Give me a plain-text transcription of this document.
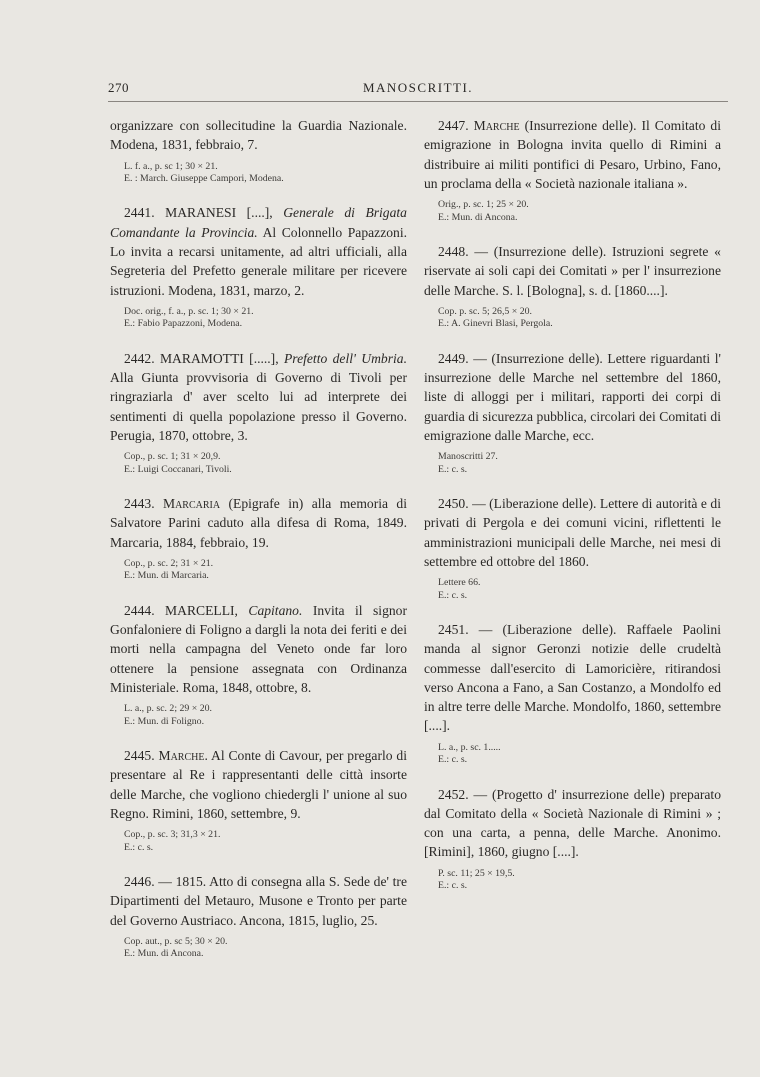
270	MANOSCRITTI.

organizzare con sollecitudine la Guardia Nazionale. Modena, 1831, febbraio, 7.

L. f. a., p. sc 1; 30 × 21.
E. : March. Giuseppe Campori, Modena.

2441. MARANESI [....], Generale di Brigata Comandante la Provincia. Al Colonnello Papazzoni. Lo invita a recarsi unitamente, ad altri ufficiali, alla Segreteria del Prefetto generale militare per ricevere istruzioni. Modena, 1831, marzo, 2.

Doc. orig., f. a., p. sc. 1; 30 × 21.
E.: Fabio Papazzoni, Modena.

2442. MARAMOTTI [.....], Prefetto dell' Umbria. Alla Giunta provvisoria di Governo di Tivoli per ringraziarla d' aver scelto lui ad interprete dei sentimenti di quella popolazione presso il Governo. Perugia, 1870, ottobre, 3.

Cop., p. sc. 1; 31 × 20,9.
E.: Luigi Coccanari, Tivoli.

2443. Marcaria (Epigrafe in) alla memoria di Salvatore Parini caduto alla difesa di Roma, 1849. Marcaria, 1884, febbraio, 19.

Cop., p. sc. 2; 31 × 21.
E.: Mun. di Marcaria.

2444. MARCELLI, Capitano. Invita il signor Gonfaloniere di Foligno a dargli la nota dei feriti e dei morti nella campagna del Veneto onde far loro ottenere la pensione assegnata con Ordinanza Ministeriale. Roma, 1848, ottobre, 8.

L. a., p. sc. 2; 29 × 20.
E.: Mun. di Foligno.

2445. Marche. Al Conte di Cavour, per pregarlo di presentare al Re i rappresentanti delle città insorte delle Marche, che vogliono chiedergli l' unione al suo Regno. Rimini, 1860, settembre, 9.

Cop., p. sc. 3; 31,3 × 21.
E.: c. s.

2446. — 1815. Atto di consegna alla S. Sede de' tre Dipartimenti del Metauro, Musone e Tronto per parte del Governo Austriaco. Ancona, 1815, luglio, 25.

Cop. aut., p. sc 5; 30 × 20.
E.: Mun. di Ancona.

2447. Marche (Insurrezione delle). Il Comitato di emigrazione in Bologna invita quello di Rimini a distribuire ai militi pontifici di Pesaro, Urbino, Fano, un proclama della « Società nazionale italiana ».

Orig., p. sc. 1; 25 × 20.
E.: Mun. di Ancona.

2448. — (Insurrezione delle). Istruzioni segrete « riservate ai soli capi dei Comitati » per l' insurrezione delle Marche. S. l. [Bologna], s. d. [1860....].

Cop. p. sc. 5; 26,5 × 20.
E.: A. Ginevri Blasi, Pergola.

2449. — (Insurrezione delle). Lettere riguardanti l' insurrezione delle Marche nel settembre del 1860, liste di alloggi per i militari, rapporti dei corpi di guardia di sicurezza pubblica, circolari dei Comitati di emigrazione dalle Marche, ecc.

Manoscritti 27.
E.: c. s.

2450. — (Liberazione delle). Lettere di autorità e di privati di Pergola e dei comuni vicini, riflettenti le amministrazioni municipali delle Marche, nei mesi di settembre ed ottobre del 1860.

Lettere 66.
E.: c. s.

2451. — (Liberazione delle). Raffaele Paolini manda al signor Geronzi notizie delle crudeltà commesse dall'esercito di Lamoricière, ritirandosi verso Ancona a Fano, a San Costanzo, a Mondolfo ed in altre terre delle Marche. Mondolfo, 1860, settembre [....].

L. a., p. sc. 1.....
E.: c. s.

2452. — (Progetto d' insurrezione delle) preparato dal Comitato della « Società Nazionale di Rimini » ; con una carta, a penna, delle Marche. Anonimo. [Rimini], 1860, giugno [....].

P. sc. 11; 25 × 19,5.
E.: c. s.
